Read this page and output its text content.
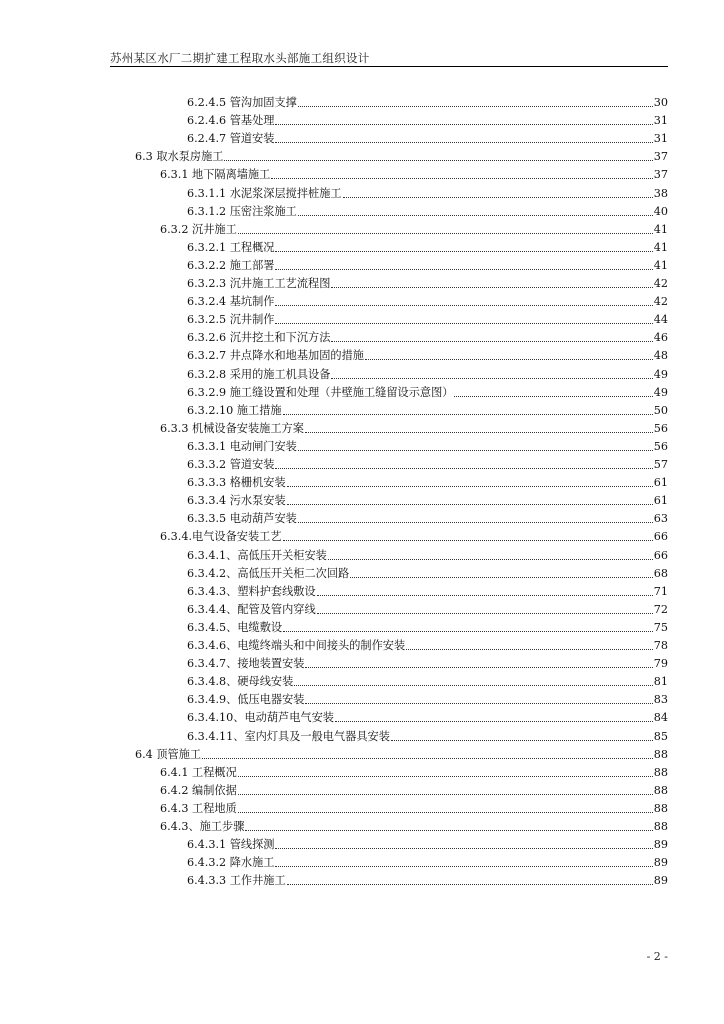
苏州某区水厂二期扩建工程取水头部施工组织设计
6.2.4.5 管沟加固支撑	30
6.2.4.6 管基处理	31
6.2.4.7 管道安装	31
6.3 取水泵房施工	37
6.3.1 地下隔离墙施工	37
6.3.1.1 水泥浆深层搅拌桩施工	38
6.3.1.2 压密注浆施工	40
6.3.2 沉井施工	41
6.3.2.1 工程概况	41
6.3.2.2 施工部署	41
6.3.2.3 沉井施工工艺流程图	42
6.3.2.4 基坑制作	42
6.3.2.5 沉井制作	44
6.3.2.6 沉井挖土和下沉方法	46
6.3.2.7 井点降水和地基加固的措施	48
6.3.2.8 采用的施工机具设备	49
6.3.2.9 施工缝设置和处理（井壁施工缝留设示意图）	49
6.3.2.10 施工措施	50
6.3.3 机械设备安装施工方案	56
6.3.3.1 电动闸门安装	56
6.3.3.2 管道安装	57
6.3.3.3 格栅机安装	61
6.3.3.4 污水泵安装	61
6.3.3.5 电动葫芦安装	63
6.3.4.电气设备安装工艺	66
6.3.4.1、高低压开关柜安装	66
6.3.4.2、高低压开关柜二次回路	68
6.3.4.3、塑料护套线敷设	71
6.3.4.4、配管及管内穿线	72
6.3.4.5、电缆敷设	75
6.3.4.6、电缆终端头和中间接头的制作安装	78
6.3.4.7、接地装置安装	79
6.3.4.8、硬母线安装	81
6.3.4.9、低压电器安装	83
6.3.4.10、电动葫芦电气安装	84
6.3.4.11、室内灯具及一般电气器具安装	85
6.4 顶管施工	88
6.4.1 工程概况	88
6.4.2 编制依据	88
6.4.3 工程地质	88
6.4.3、施工步骤	88
6.4.3.1 管线探测	89
6.4.3.2 降水施工	89
6.4.3.3 工作井施工	89
- 2 -
